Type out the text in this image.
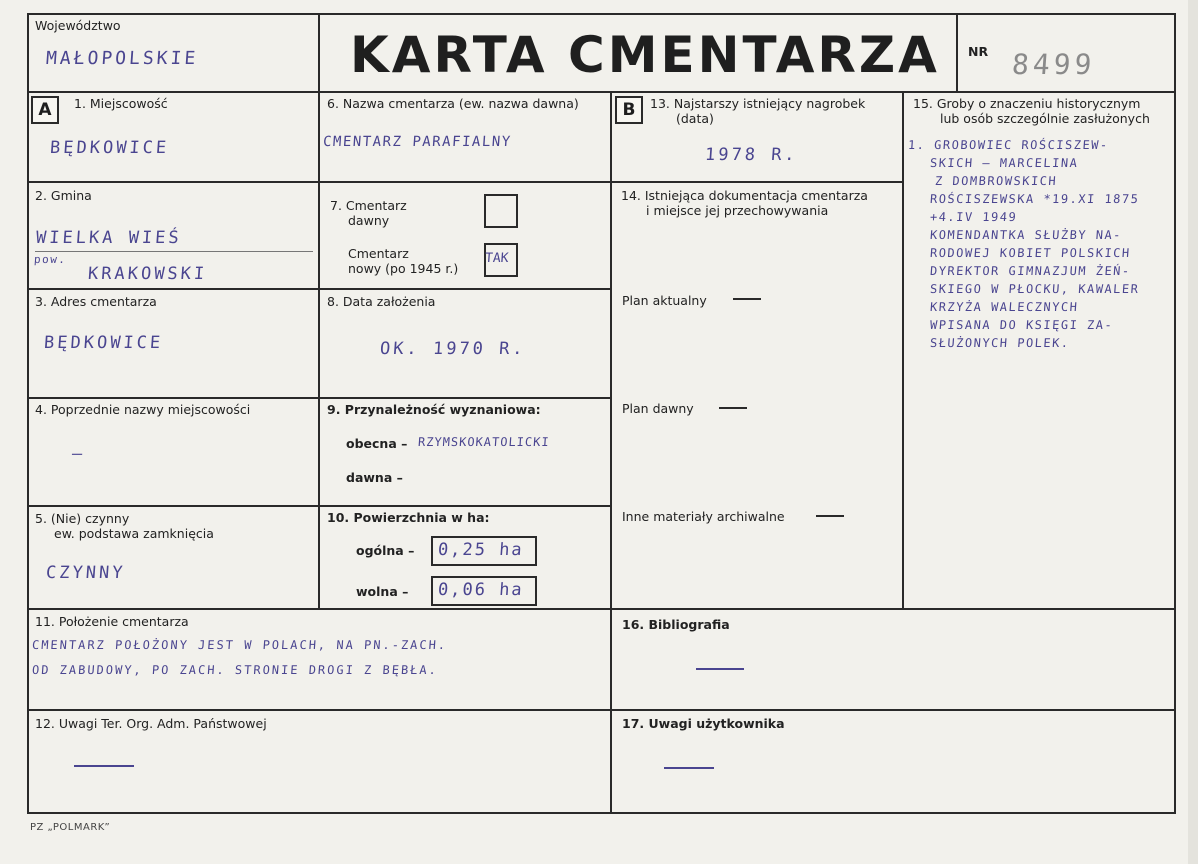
Województwo
MAŁOPOLSKIE	KARTA CMENTARZA NR 8499
A	B
1. Miejscowość
BĘDKOWICE
2. Gmina
WIELKA WIEŚ
pow.
KRAKOWSKI
3. Adres cmentarza
BĘDKOWICE
4. Poprzednie nazwy miejscowości
—
5. (Nie) czynny
ew. podstawa zamknięcia
CZYNNY
6. Nazwa cmentarza (ew. nazwa dawna)
CMENTARZ PARAFIALNY
7. Cmentarz
dawny
Cmentarz
nowy (po 1945 r.)
TAK
8. Data założenia
OK. 1970 R.
9. Przynależność wyznaniowa:
obecna – RZYMSKOKATOLICKI
dawna –
10. Powierzchnia w ha:
ogólna – 0,25 ha
wolna – 0,06 ha
13. Najstarszy istniejący nagrobek
(data)
1978 R.
14. Istniejąca dokumentacja cmentarza
i miejsce jej przechowywania
Plan aktualny
Plan dawny
Inne materiały archiwalne
15. Groby o znaczeniu historycznym
lub osób szczególnie zasłużonych
1. GROBOWIEC ROŚCISZEW-
SKICH – MARCELINA
Z DOMBROWSKICH
ROŚCISZEWSKA *19.XI 1875
+4.IV 1949
KOMENDANTKA SŁUŻBY NA-
RODOWEJ KOBIET POLSKICH
DYREKTOR GIMNAZJUM ŻEŃ-
SKIEGO W PŁOCKU, KAWALER
KRZYŻA WALECZNYCH
WPISANA DO KSIĘGI ZA-
SŁUŻONYCH POLEK.
11. Położenie cmentarza
CMENTARZ POŁOŻONY JEST W POLACH, NA PN.-ZACH.
OD ZABUDOWY, PO ZACH. STRONIE DROGI Z BĘBŁA.
12. Uwagi Ter. Org. Adm. Państwowej
16. Bibliografia
17. Uwagi użytkownika
PZ „POLMARK”
